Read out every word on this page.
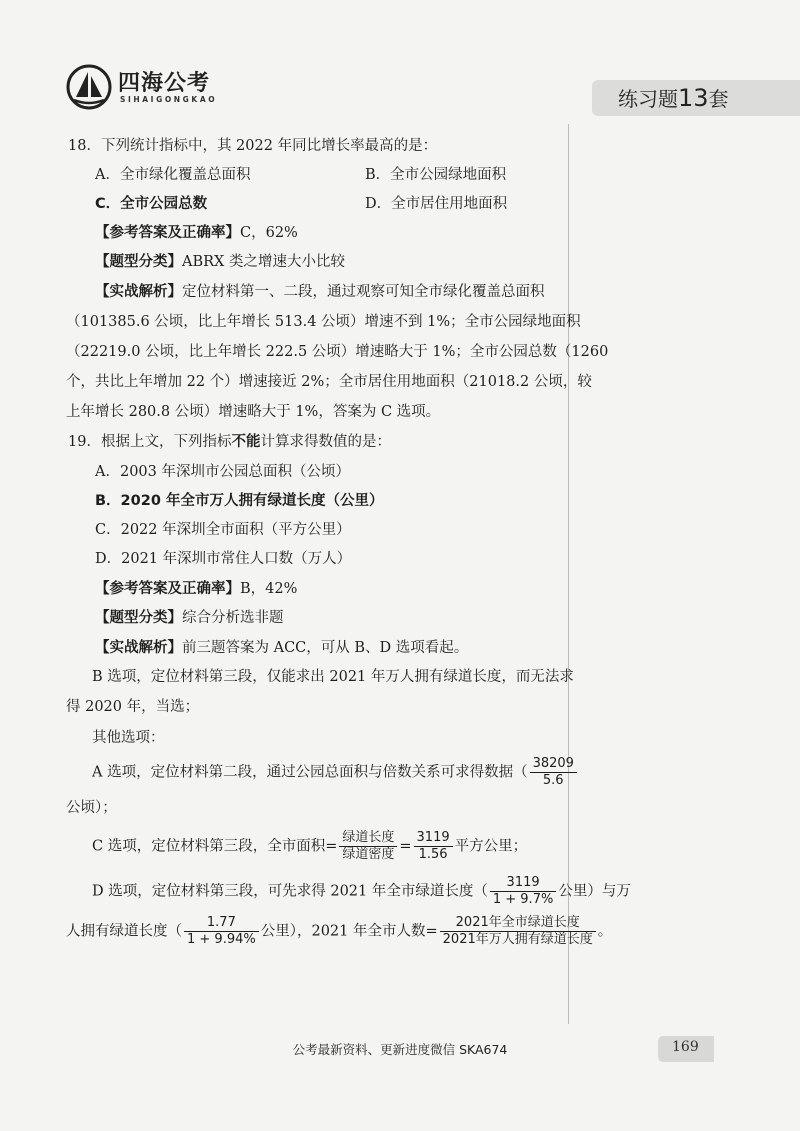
四海公考
SIHAIGONGKAO	练习题13套
18．下列统计指标中，其 2022 年同比增长率最高的是：
A．全市绿化覆盖总面积	B．全市公园绿地面积
C．全市公园总数	D．全市居住用地面积
【参考答案及正确率】C，62%
【题型分类】ABRX 类之增速大小比较
【实战解析】定位材料第一、二段，通过观察可知全市绿化覆盖总面积
（101385.6 公顷，比上年增长 513.4 公顷）增速不到 1%；全市公园绿地面积
（22219.0 公顷，比上年增长 222.5 公顷）增速略大于 1%；全市公园总数（1260
个，共比上年增加 22 个）增速接近 2%；全市居住用地面积（21018.2 公顷，较
上年增长 280.8 公顷）增速略大于 1%，答案为 C 选项。
19．根据上文，下列指标不能计算求得数值的是：
A．2003 年深圳市公园总面积（公顷）
B．2020 年全市万人拥有绿道长度（公里）
C．2022 年深圳全市面积（平方公里）
D．2021 年深圳市常住人口数（万人）
【参考答案及正确率】B，42%
【题型分类】综合分析选非题
【实战解析】前三题答案为 ACC，可从 B、D 选项看起。
B 选项，定位材料第三段，仅能求出 2021 年万人拥有绿道长度，而无法求
得 2020 年，当选；
其他选项：
A 选项，定位材料第二段，通过公园总面积与倍数关系可求得数据（ $\frac{38209}{5.6}$
公顷）；
C 选项，定位材料第三段，全市面积= $\frac{\text{绿道长度}}{\text{绿道密度}} = \frac{3119}{1.56}$ 平方公里；
D 选项，定位材料第三段，可先求得 2021 年全市绿道长度（ $\frac{3119}{1 + 9.7\%}$ 公里）与万
人拥有绿道长度（ $\frac{1.77}{1 + 9.94\%}$ 公里），2021 年全市人数= $\frac{\text{2021年全市绿道长度}}{\text{2021年万人拥有绿道长度}}$ 。
公考最新资料、更新进度微信 SKA674	169
